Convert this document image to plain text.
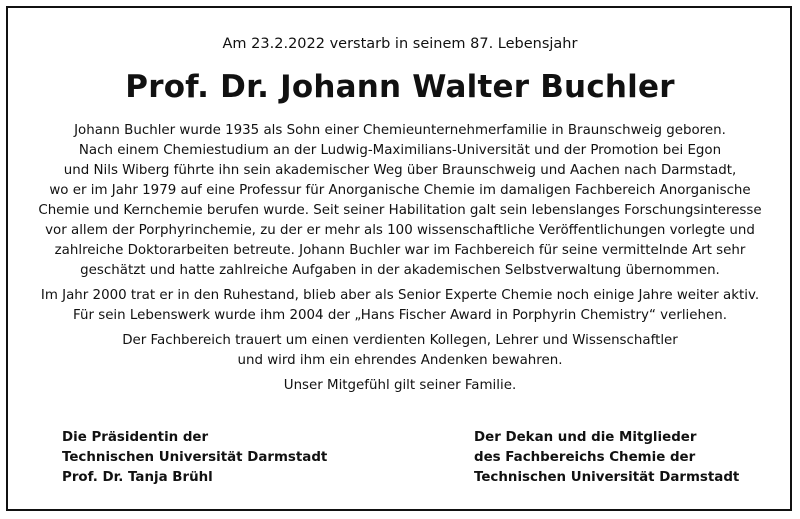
Am 23.2.2022 verstarb in seinem 87. Lebensjahr
Prof. Dr. Johann Walter Buchler
Johann Buchler wurde 1935 als Sohn einer Chemieunternehmerfamilie in Braunschweig geboren.
Nach einem Chemiestudium an der Ludwig-Maximilians-Universität und der Promotion bei Egon
und Nils Wiberg führte ihn sein akademischer Weg über Braunschweig und Aachen nach Darmstadt,
wo er im Jahr 1979 auf eine Professur für Anorganische Chemie im damaligen Fachbereich Anorganische
Chemie und Kernchemie berufen wurde. Seit seiner Habilitation galt sein lebenslanges Forschungsinteresse
vor allem der Porphyrinchemie, zu der er mehr als 100 wissenschaftliche Veröffentlichungen vorlegte und
zahlreiche Doktorarbeiten betreute. Johann Buchler war im Fachbereich für seine vermittelnde Art sehr
geschätzt und hatte zahlreiche Aufgaben in der akademischen Selbstverwaltung übernommen.
Im Jahr 2000 trat er in den Ruhestand, blieb aber als Senior Experte Chemie noch einige Jahre weiter aktiv.
Für sein Lebenswerk wurde ihm 2004 der „Hans Fischer Award in Porphyrin Chemistry“ verliehen.
Der Fachbereich trauert um einen verdienten Kollegen, Lehrer und Wissenschaftler
und wird ihm ein ehrendes Andenken bewahren.
Unser Mitgefühl gilt seiner Familie.
Die Präsidentin der
Technischen Universität Darmstadt
Prof. Dr. Tanja Brühl
Der Dekan und die Mitglieder
des Fachbereichs Chemie der
Technischen Universität Darmstadt
